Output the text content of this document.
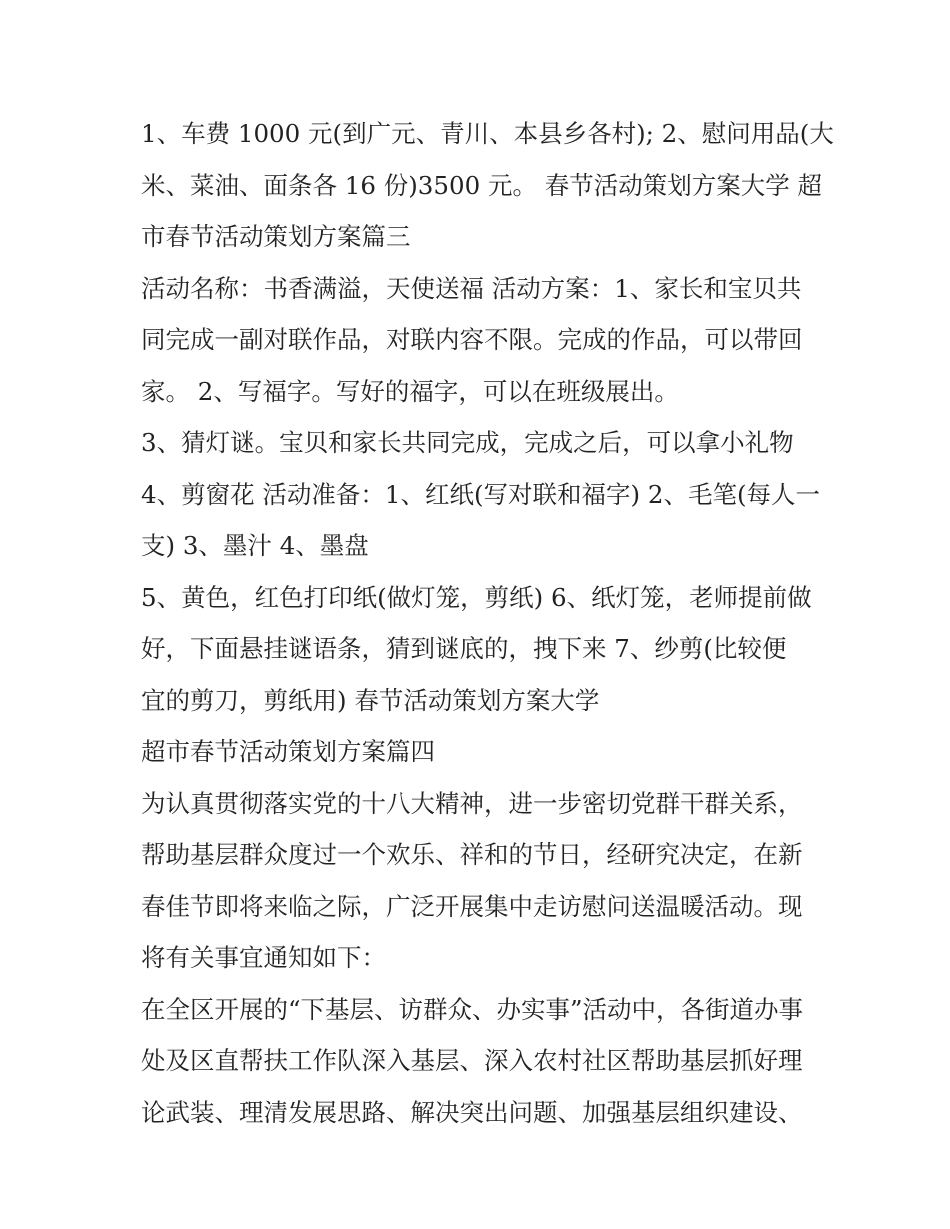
1、车费 1000 元(到广元、青川、本县乡各村); 2、慰问用品(大
米、菜油、面条各 16 份)3500 元。 春节活动策划方案大学 超
市春节活动策划方案篇三
活动名称：书香满溢，天使送福 活动方案：1、家长和宝贝共
同完成一副对联作品，对联内容不限。完成的作品，可以带回
家。 2、写福字。写好的福字，可以在班级展出。
3、猜灯谜。宝贝和家长共同完成，完成之后，可以拿小礼物
4、剪窗花 活动准备：1、红纸(写对联和福字) 2、毛笔(每人一
支) 3、墨汁 4、墨盘
5、黄色，红色打印纸(做灯笼，剪纸) 6、纸灯笼，老师提前做
好，下面悬挂谜语条，猜到谜底的，拽下来 7、纱剪(比较便
宜的剪刀，剪纸用) 春节活动策划方案大学
超市春节活动策划方案篇四
为认真贯彻落实党的十八大精神，进一步密切党群干群关系，
帮助基层群众度过一个欢乐、祥和的节日，经研究决定，在新
春佳节即将来临之际，广泛开展集中走访慰问送温暖活动。现
将有关事宜通知如下：
在全区开展的“下基层、访群众、办实事”活动中，各街道办事
处及区直帮扶工作队深入基层、深入农村社区帮助基层抓好理
论武装、理清发展思路、解决突出问题、加强基层组织建设、
